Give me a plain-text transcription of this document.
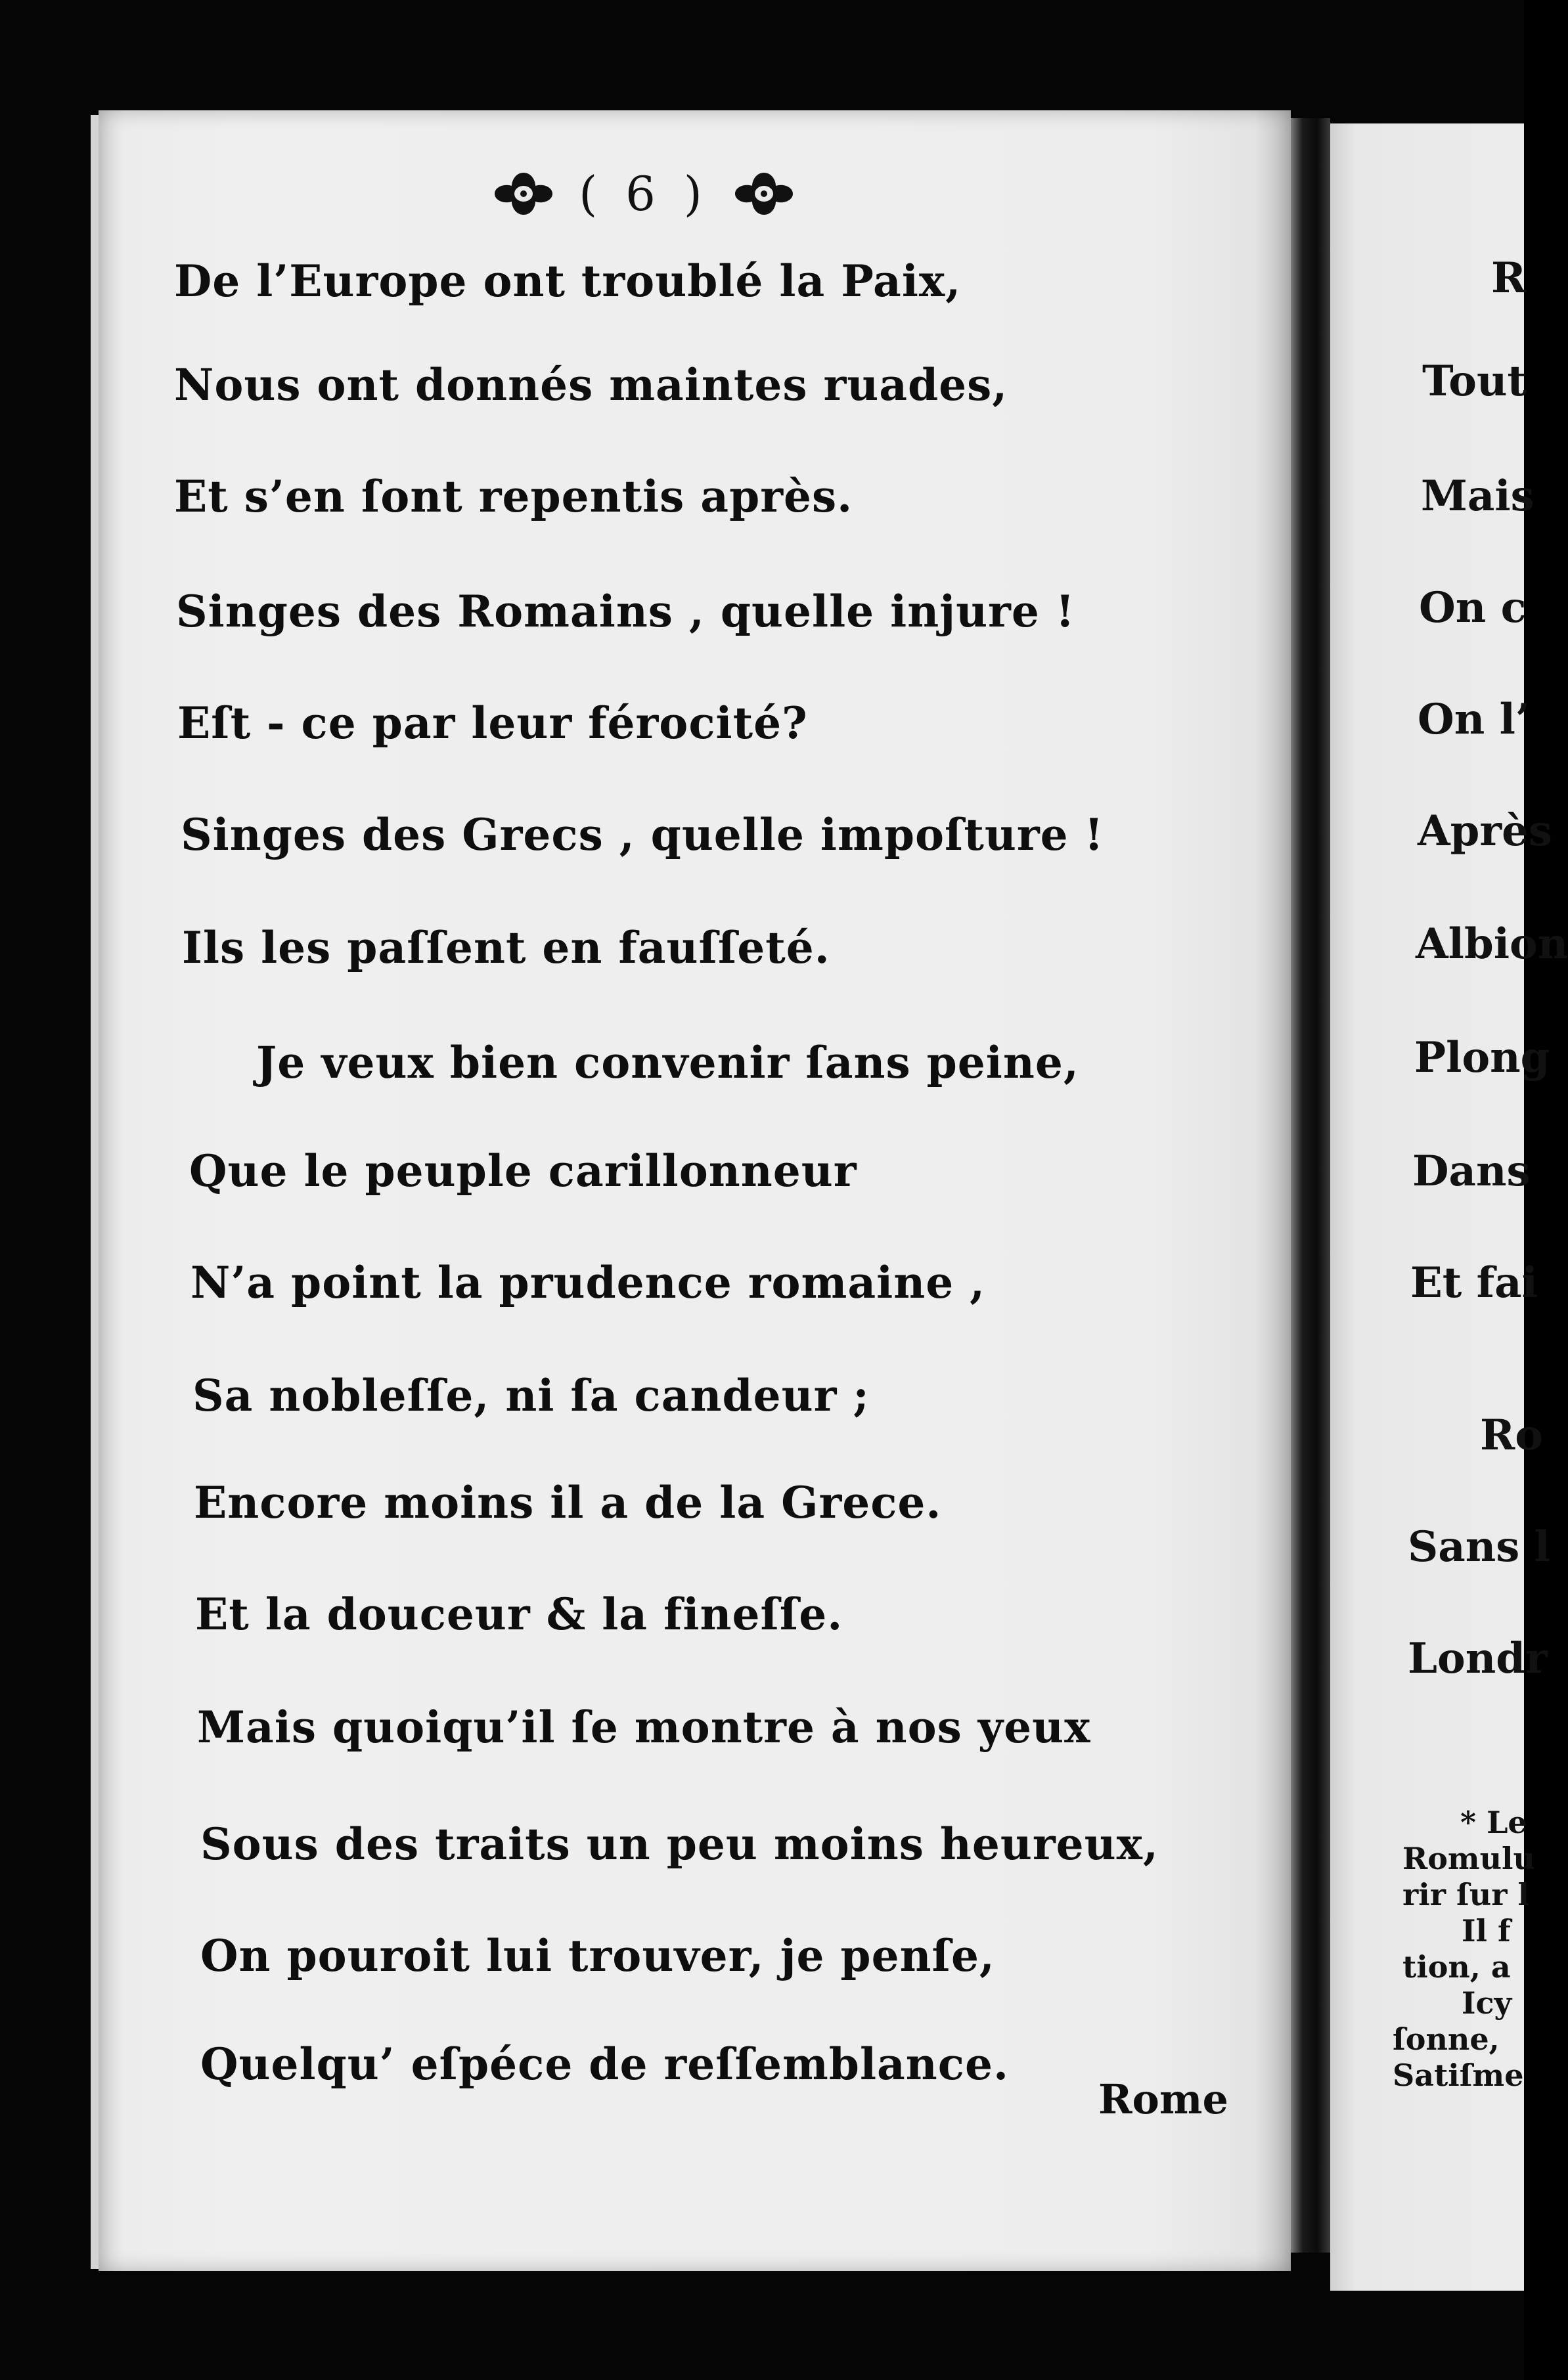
( 6 )
De l’Europe ont troublé la Paix,
Nous ont donnés maintes ruades,
Et s’en ſont repentis après.
Singes des Romains , quelle injure !
Eſt - ce par leur férocité?
Singes des Grecs , quelle impoſture !
Ils les paſſent en fauſſeté.
Je veux bien convenir ſans peine,
Que le peuple carillonneur
N’a point la prudence romaine ,
Sa nobleſſe, ni ſa candeur ;
Encore moins il a de la Grece.
Et la douceur & la fineſſe.
Mais quoiqu’il ſe montre à nos yeux
Sous des traits un peu moins heureux,
On pouroit lui trouver, je penſe,
Quelqu’ eſpéce de reſſemblance.
Rome
R
Tout
Mais
On c
On l’
Après
Albion
Plong
Dans
Et fai
Ro
Sans l
Londr
* Le
Romulu
rir ſur l
Il f
tion, a
Icy
ſonne,
Satiſme
